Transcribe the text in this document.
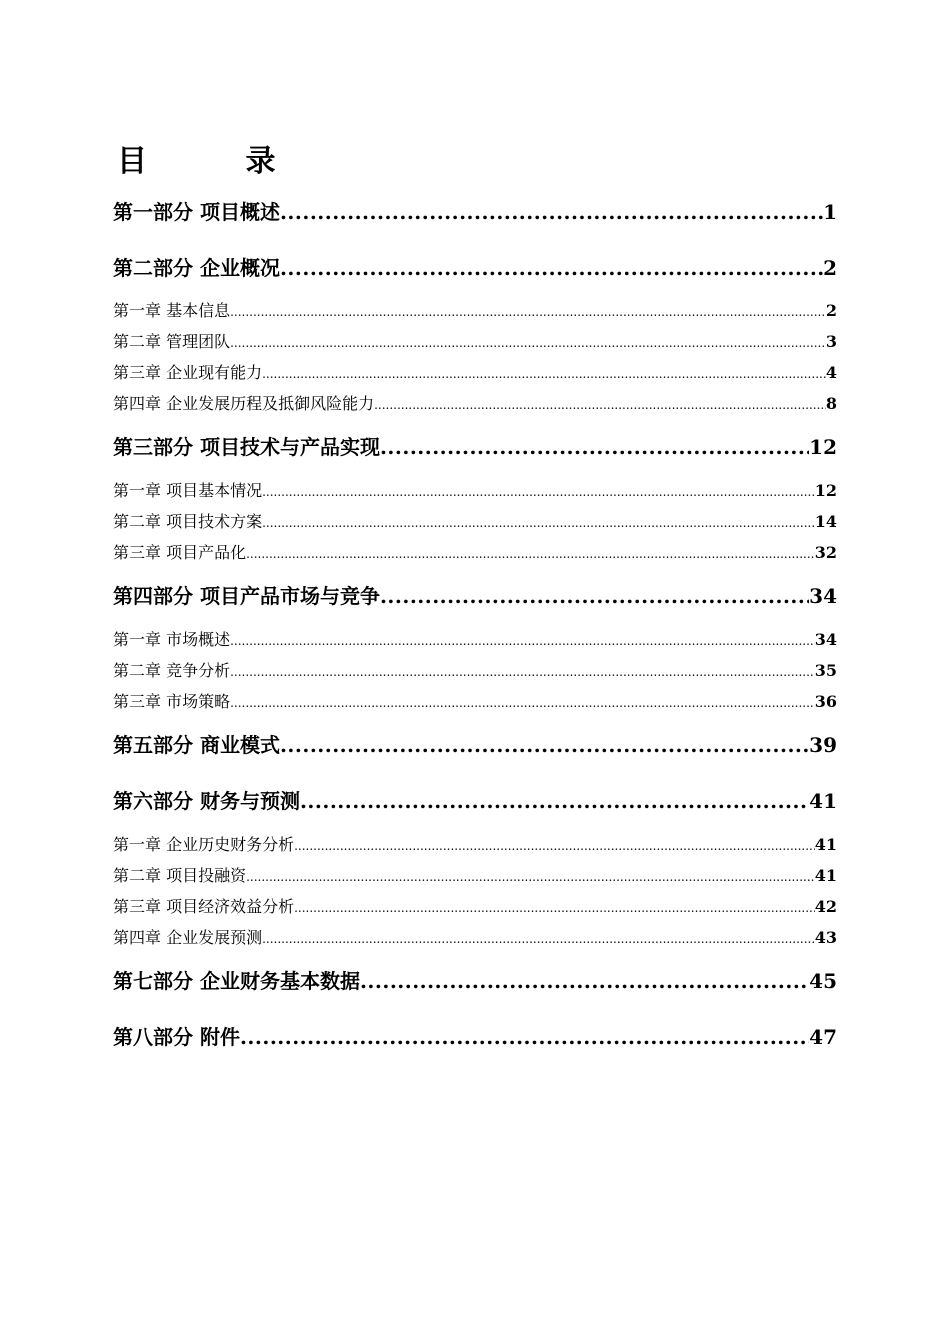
目 录
第一部分 项目概述 .....	1
第二部分 企业概况 .....	2
第一章 基本信息 .....	2
第二章 管理团队 .....	3
第三章 企业现有能力 .....	4
第四章 企业发展历程及抵御风险能力 .....	8
第三部分 项目技术与产品实现 .....	12
第一章 项目基本情况 .....	12
第二章 项目技术方案 .....	14
第三章 项目产品化 .....	32
第四部分 项目产品市场与竞争 .....	34
第一章 市场概述 .....	34
第二章 竞争分析 .....	35
第三章 市场策略 .....	36
第五部分 商业模式 .....	39
第六部分 财务与预测 .....	41
第一章 企业历史财务分析 .....	41
第二章 项目投融资 .....	41
第三章 项目经济效益分析 .....	42
第四章 企业发展预测 .....	43
第七部分 企业财务基本数据 .....	45
第八部分 附件 .....	47
